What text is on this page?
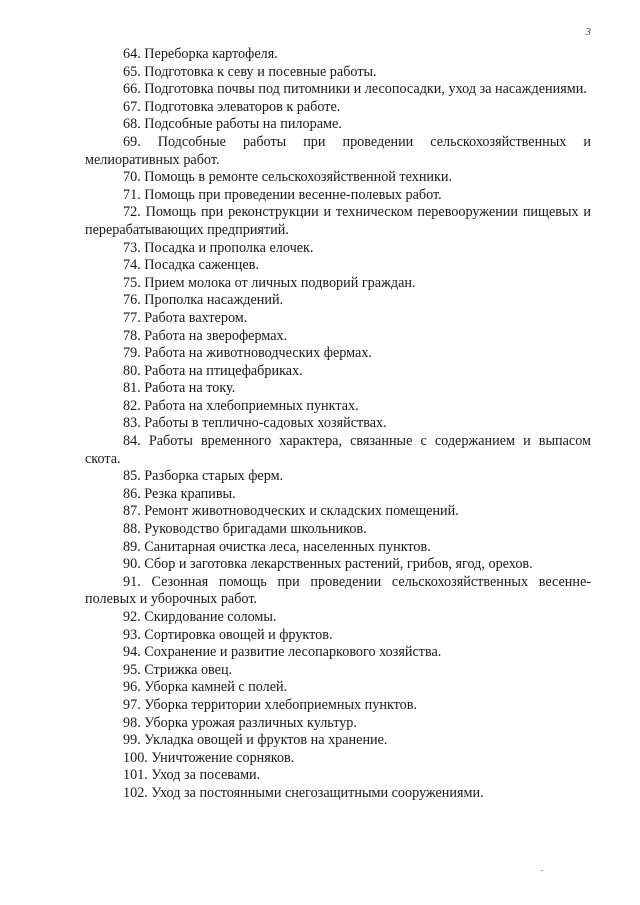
3
64. Переборка картофеля.
65. Подготовка к севу и посевные работы.
66. Подготовка почвы под питомники и лесопосадки, уход за насаждениями.
67. Подготовка элеваторов к работе.
68. Подсобные работы на пилораме.
69. Подсобные работы при проведении сельскохозяйственных и мелиоративных работ.
70. Помощь в ремонте сельскохозяйственной техники.
71. Помощь при проведении весенне-полевых работ.
72. Помощь при реконструкции и техническом перевооружении пищевых и перерабатывающих предприятий.
73. Посадка и прополка елочек.
74. Посадка саженцев.
75. Прием молока от личных подворий граждан.
76. Прополка насаждений.
77. Работа вахтером.
78. Работа на зверофермах.
79. Работа на животноводческих фермах.
80. Работа на птицефабриках.
81. Работа на току.
82. Работа на хлебоприемных пунктах.
83. Работы в теплично-садовых хозяйствах.
84. Работы временного характера, связанные с содержанием и выпасом скота.
85. Разборка старых ферм.
86. Резка крапивы.
87. Ремонт животноводческих и складских помещений.
88. Руководство бригадами школьников.
89. Санитарная очистка леса, населенных пунктов.
90. Сбор и заготовка лекарственных растений, грибов, ягод, орехов.
91. Сезонная помощь при проведении сельскохозяйственных весенне-полевых и уборочных работ.
92. Скирдование соломы.
93. Сортировка овощей и фруктов.
94. Сохранение и развитие лесопаркового хозяйства.
95. Стрижка овец.
96. Уборка камней с полей.
97. Уборка территории хлебоприемных пунктов.
98. Уборка урожая различных культур.
99. Укладка овощей и фруктов на хранение.
100. Уничтожение сорняков.
101. Уход за посевами.
102. Уход за постоянными снегозащитными сооружениями.
